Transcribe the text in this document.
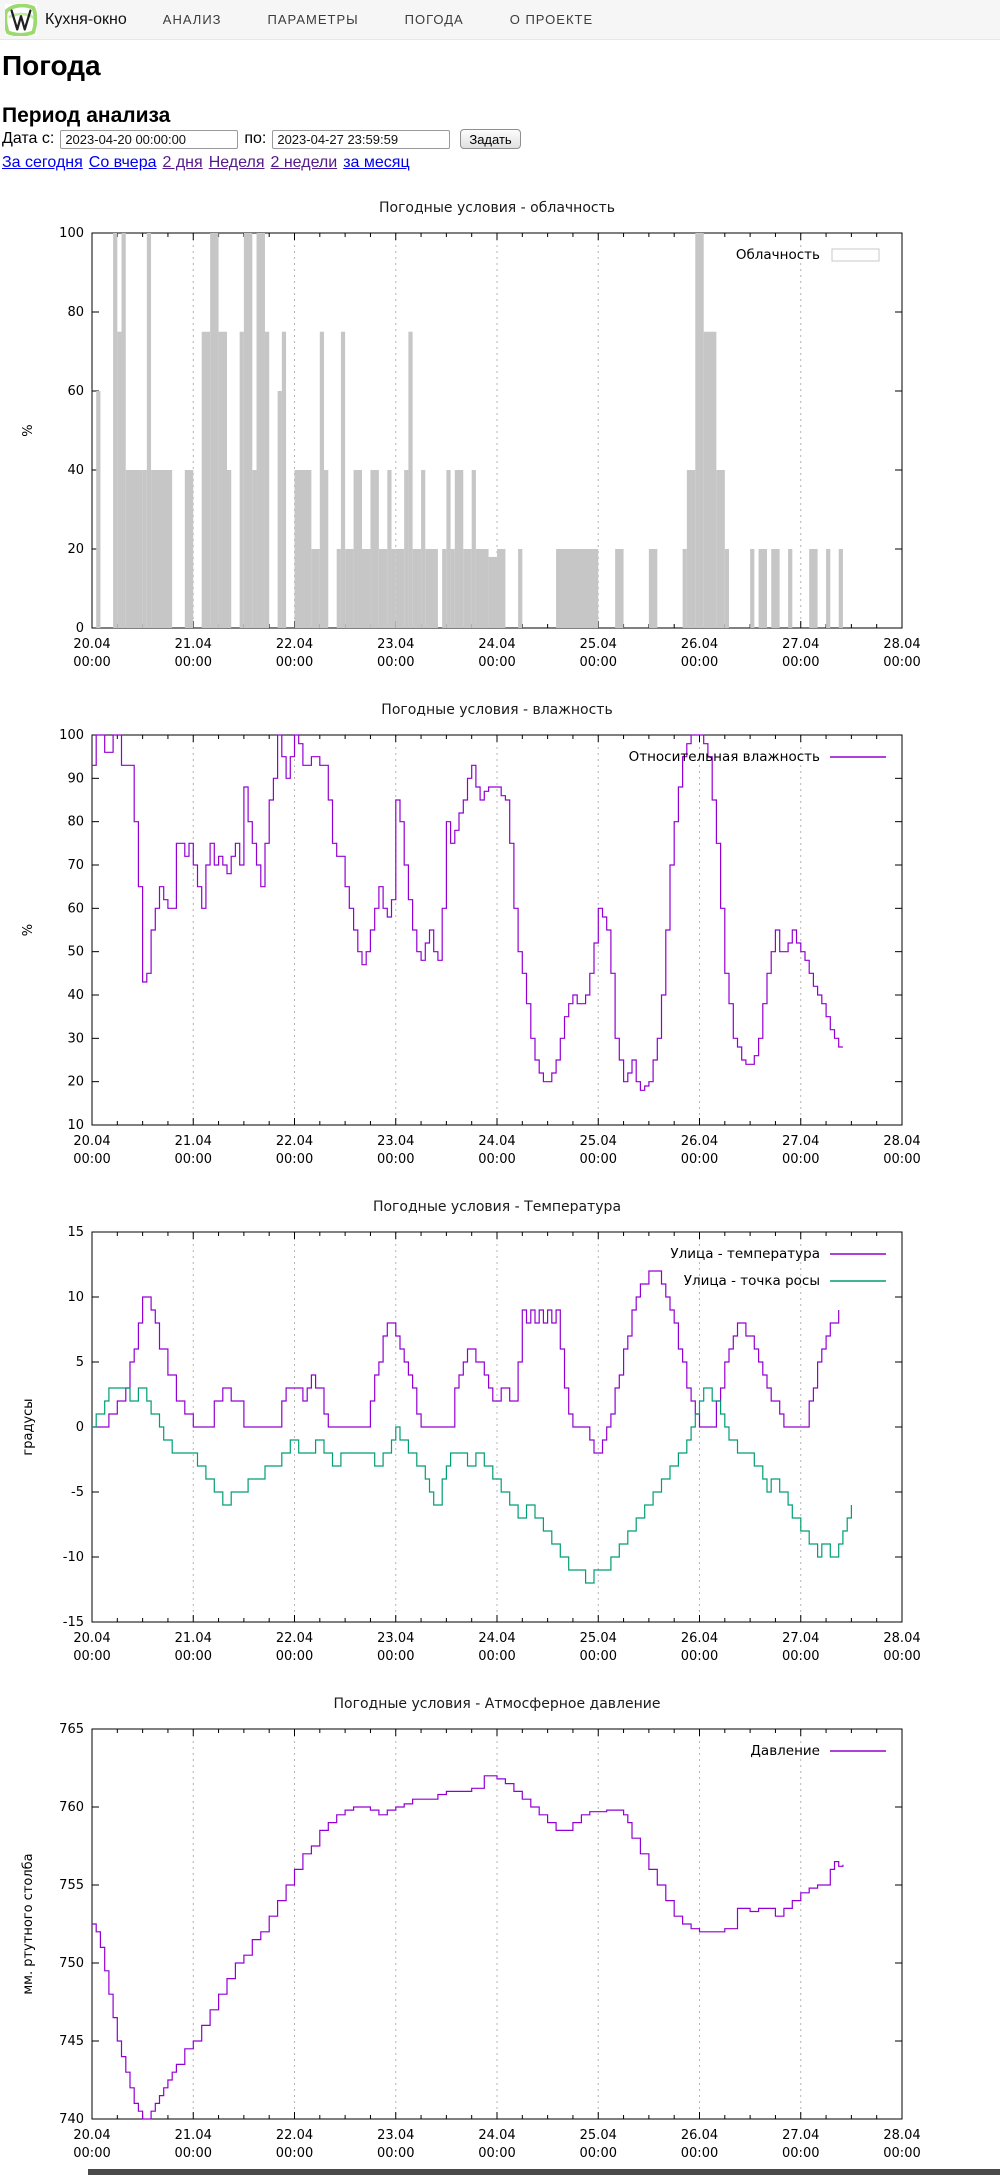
Кухня-окно	АНАЛИЗ	ПАРАМЕТРЫ	ПОГОДА	О ПРОЕКТЕ
Погода
Период анализа
Дата с:
2023-04-20 00:00:00	по:
2023-04-27 23:59:59	Задать
За сегодня Со вчера 2 дня Неделя 2 недели за месяц
Погодные условия - облачность
20.04
00:00
21.04
00:00
22.04
00:00
23.04
00:00
24.04
00:00
25.04
00:00
26.04
00:00
27.04
00:00
28.04
00:00
0
20
40
60
80
100
%
Облачность
Погодные условия - влажность
20.04
00:00
21.04
00:00
22.04
00:00
23.04
00:00
24.04
00:00
25.04
00:00
26.04
00:00
27.04
00:00
28.04
00:00
10
20
30
40
50
60
70
80
90
100
%
Относительная влажность
Погодные условия - Температура
20.04
00:00
21.04
00:00
22.04
00:00
23.04
00:00
24.04
00:00
25.04
00:00
26.04
00:00
27.04
00:00
28.04
00:00
-15
-10
-5
0
5
10
15
градусы
Улица - температура
Улица - точка росы
Погодные условия - Атмосферное давление
20.04
00:00
21.04
00:00
22.04
00:00
23.04
00:00
24.04
00:00
25.04
00:00
26.04
00:00
27.04
00:00
28.04
00:00
740
745
750
755
760
765
мм. ртутного столба
Давление
